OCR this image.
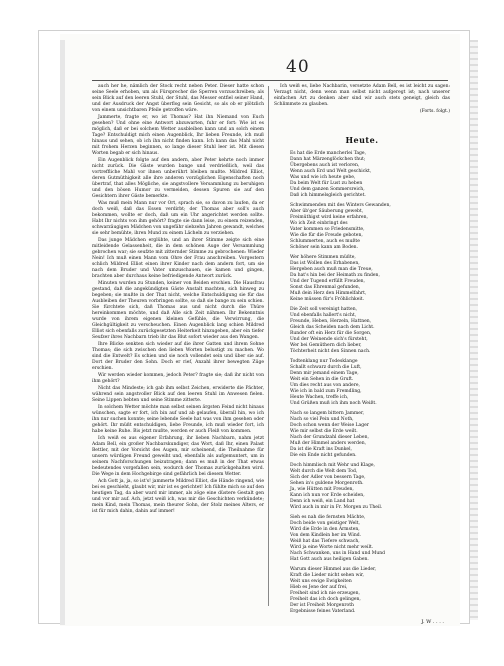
40

auch her he, nämlich der Stock recht neben Peter. Dieser hatte schon seine Seele erhoben, um als Fürsprecher die Sperren vorzuschreiben; als sein Blick auf den leeren Stuhl, der Stuhl, das Messer entfiel seiner Hand, und der Ausdruck der Angst überflog sein Gesicht, so als ob er plötzlich von einem unsichtbaren Pfeile getroffen wäre.

Jammerte, fragte er, wo ist Thomas? Hat ihn Niemand von Euch gesehen? Und ohne eine Antwort abzuwarten, fuhr er fort: Wie ist es möglich, daß er bei solchem Wetter ausbleiben kann und an solch einem Tage? Entschuldigt mich einen Augenblick, Ihr lieben Freunde, ich muß hinaus und sehen, ob ich ihn nicht finden kann. Ich kann das Mahl nicht mit frohem Herzen beginnen, so lange dieser Stuhl leer ist. Mit diesen Worten begab er sich hinaus.

Ein Augenblick folgte auf den andern, aber Peter kehrte noch immer nicht zurück. Die Gäste wurden bange und verdrießlich, weil das vortreffliche Mahl vor ihnen unberührt bleiben mußte. Mildred Elliot, deren Gutmüthigkeit alle ihre anderen vorzüglichen Eigenschaften noch übertraf, that alles Mögliche, sie angstvollere Versammlung zu beruhigen und den bösen Humor zu vermeiden, dessen Spuren sie auf den Gesichtern ihrer Gäste bemerkte.

Was muß mein Mann nur vor Ort, sprach sie, so davon zu laufen, da er doch weiß, daß das Essen verdirbt; der Thomas aber soll's auch bekommen, wollte er doch, daß um ein Uhr angerichtet werden sollte. Habt Ihr nichts von ihm gehört? fragte sie dann leise, zu einem reizenden, schwarzäugigen Mädchen von ungefähr siebzehn Jahren gewandt, welches sie sehr bemühte, ihren Mund zu einem Lächeln zu verziehen.

Das junge Mädchen erglühte, und an ihrer Stimme zeigte sich eine mitleidende Gelassenheit, die in dem schönen Auge der Versammlung gebrochen war; sie seufzte mit zitternder Stimme zu gebrochenen: Wieder Nein! Ich muß einen Mann vom Ohre der Frau anschreiben. Vorgestern schlich Mildred Elliot einen ihrer Kinder nach dem andern fort, um sie nach dem Bruder und Vater umzuschauen, sie kamen und gingen, brachten aber durchaus keine befriedigende Antwort zurück.

Minuten wurden zu Stunden, keiner von Beiden erschien. Die Hausfrau gestand, daß die angekündigten Gäste Anstalt machten, sich hinweg zu begeben; sie mußte in der That nicht, welche Entschuldigung sie für das Ausbleiben der Theuren vorbringen sollte, so daß sie bange zu sein schien. Sie fürchtete sich, daß Thomas aus und nicht durch die Thüre hereinkommen möchte, und daß Alle sich Zeit nähmen. Ihr Bekenntnis wurde von ihrem eigenen kleinen Gefühle, die Verwirrung, die Gleichgültigkeit zu verscheuchen. Einen Augenblick lang schien Mildred Elliot sich ebenfalls zurückgesetzten Heiterkeit hinzugeben, aber ein tiefer Seufzer ihres Nachbarn trieb ihr das Blut sofort wieder aus den Wangen.

Ihre Blicke senkten sich wieder auf die ihrer Gatten und ihrem Sohne Thomas; die sich zwischen den lieben Worten belustigt zu machen. Wo sind die Entwelt? Es schien und sie noch vollendet sein und über sie auf. Dort der Bruder den Sohn. Doch er rief, Anzahl ihrer bewegten Züge erschien.

Wir werden wieder kommen, jedoch Peter? fragte sie; daß ihr nicht von ihm gehört?

Nicht das Mindeste; ich gab ihm selbst Zeichen, erwiderte die Pächter, während sein angstvoller Blick auf den leeren Stuhl im Anwesen fielen. Seine Lippen bebten und seine Stimme zitterte.

In solchem Wetter möchte man selbst seinen ärgsten Feind nicht hinaus wünschen, sagte er fort, ich bin auf und ab gelaufen, überall hin, wo ich ihn nur suchen konnte; seine lebende Seele hat was von ihm gesehen oder gehört. Ihr müßt entschuldigen, liebe Freunde, ich muß wieder fort, ich habe keine Ruhe. Bis jetzt mußte, werden er auch Fleiß von kommen.

Ich weiß es aus eigener Erfahrung, ihr lieben Nachbarn, nahm jetzt Adam Bell, ein großer Nachbarskundiger, das Wort, daß Ihr, einen Palast Bettler, mit der Vorsicht des Augen, mir scheinend, die Theilnahme für unsern würdigen Freund geweiht und, ebenfalls als aufgemuntert, um in seinem Nachforschungen beizutragen; dann es muß in der That etwas bedeutendes vorgefallen sein, wodurch der Thomas zurückgehalten wird. Die Wege in dem Hochgebirge sind gefährlich bei diesem Wetter.

Ach Gott ja, ja, so ist's! jammerte Mildred Elliot, die Hände ringend, wie bei es geschieht, glaubt wir, mir ist es gerichtet! Ich fühlte mich so auf den heutigen Tag, da aber ward mir immer, als zöge eine düstere Gestalt gen und vor mir auf. Ach, jetzt weiß ich, was mir die Geschichten verkündete; mein Kind, mein Thomas, mein theurer Sohn, der Stolz meines Alters, er ist für mich dahin, dahin auf immer!

Ich weiß es, liebe Nachbarin, versetzte Adam Bell, es ist leicht zu sagen: Verzagt nicht, denn wenn man selbst nicht aufgeregt ist; nach unserer einfachen Art zu denken aber sind wir auch stets geneigt, gleich das Schlimmste zu glauben.

(Forts. folgt.)
Heute.
Es hat die Erde mancherlei Tage,
Dann hat Märzenglöckchen thut;
Übergebens auch ist verloren,
Wenn auch Erd und Welt geschickt,
Was und wie ich heute gebe,
Da beim Welt für Lust zu heben
Und dem ganzen Sommersreich,
Daß ich himmelsgleich gerichtet.
Schwimmenden mit des Winters Gewanden,
Aber üb'ger Säuberung gewebt,
Freimüthigst wird keine erfahren,
Wo ich Zeit einbringt des
Vater kommen so Friedensmitte,
Wie die für die Freude geboten,
Schlummerten, auch es mußte
Schöner sein kann am Boden.
Wer höhere Stimmen müßte,
Das ist Wollen des Erhabenen,
Hergeben auch muß man die Treue,
Da hat's hin bei der Heimath zu finden,
Und der Tugend erfüllt Freuden,
Sonst das Ehrenmal gefunden,
Muß dein Herz den Himmelfahrt,
Keine müssen für's Fröhlichkeit.
Die Zeit soll vereinigt hatten,
Und ebenfalls hallert's nicht,
Freunde, Heben, Herzeln, Hattnen,
Gleich das Scheiden nach dem Licht.
Runder oft ein Herz für die Sorgen,
Und der Weinende sich's fürsteht,
Wer bei Gemüthern dich lieber,
Töchterheit nicht den Sinnen nach.
Todtenklang nur Todesklange
Schallt schwarz durch die Luft,
Denn mir jemand einem Tage,
Weit ein Sehen in die Gruft.
Um dies recht aus von andere,
Wie ich in bald zum Fremdling,
Heute Wachen, treffe ich,
Und Grüßen muß ich ihm noch Weißt.
Nach so langem bittern Jammer,
Nach so viel Pein und Noth,
Doch schon wenn der Weise Lager
Wie mir selbst die Erde weilt.
Nach der Grundzahl dieser Leben,
Muß der Himmel anders werden,
Da ist die Kraft ins Dunkel,
Die ein Ende nicht gefunden.
Doch himmlisch mit Wehr und Klage,
Welt durch die Welt dem Tod,
Sich der Adler von bessern Tage,
Sehen in's guldene Morgenroth.
Ja, wie Hütten mit Freuden,
Kann ich nun vor Erde scheiden,
Denn ich weiß, ein Land hat
Wird auch in mir in Fr. Morgen zu Theil.
Sieh es nah die fernsten Mächte,
Doch beide von geistiger Welt,
Wird die Erde in den Ärmsten,
Von dem Kindlein her im Wind.
Weiß hat das Tiefere schwach,
Wird ja eine Worte nicht mehr weilt.
Nach Schwanken, uns in Hand und Mund
Hat Gott auch aus heiligen Gaben.
Warum dieser Himmel aus die Lieder,
Kraft die Lieder nicht sehen wir,
Weit uns ewige Ewigkeiten
Hieb es Jene der auf frei,
Freiheit sind ich nie erzeugen,
Freiheit das ich doch gelingen,
Der ist Freiheit Morgenroth
Ergebnisse feines Vaterland.
J. W . . . .
